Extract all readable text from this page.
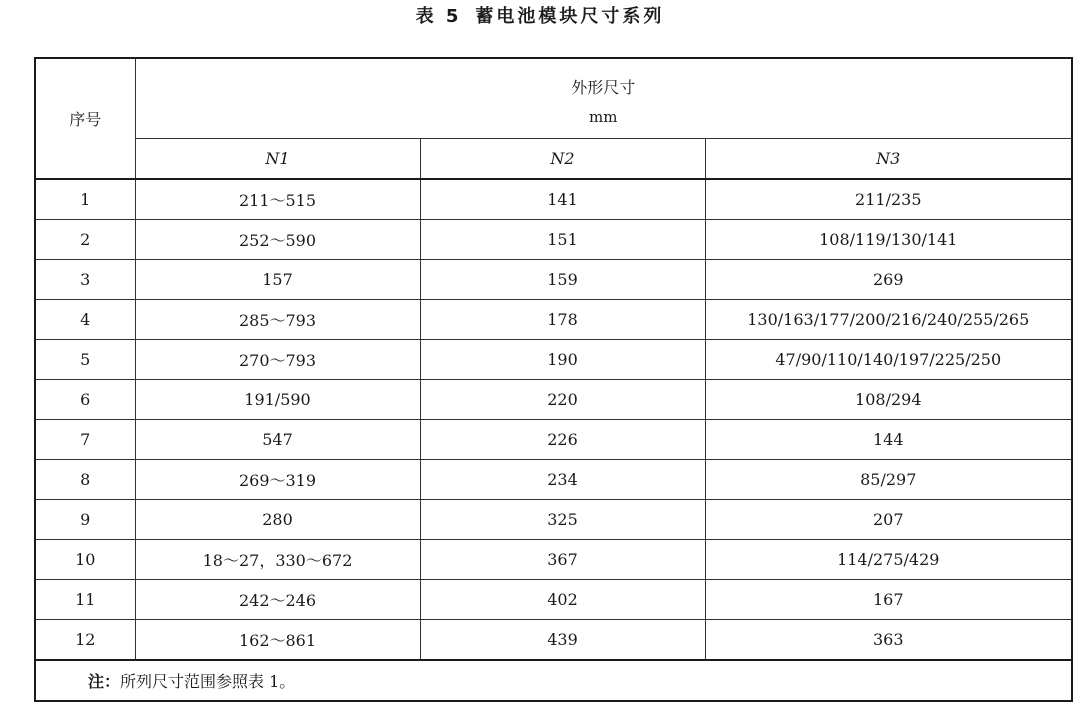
表 5 蓄电池模块尺寸系列
序号	外形尺寸
mm		

	N1	N2	N3
1	211～515	141	211/235
2	252～590	151	108/119/130/141
3	157	159	269
4	285～793	178	130/163/177/200/216/240/255/265
5	270～793	190	47/90/110/140/197/225/250
6	191/590	220	108/294
7	547	226	144
8	269～319	234	85/297
9	280	325	207
10	18～27，330～672	367	114/275/429
11	242～246	402	167
12	162～861	439	363
注：所列尺寸范围参照表 1。			
